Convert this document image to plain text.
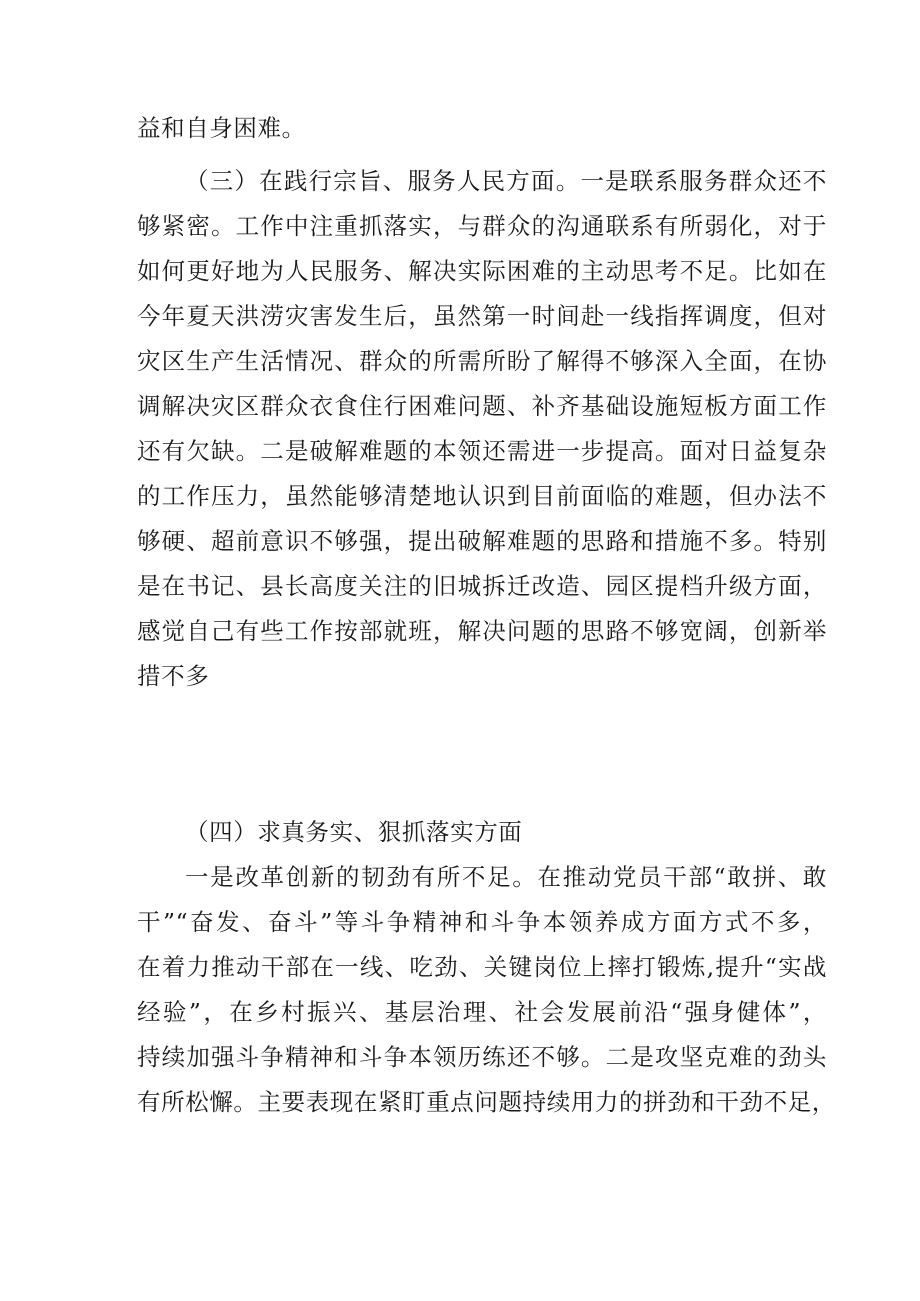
益和自身困难。
（三）在践行宗旨、服务人民方面。一是联系服务群众还不
够紧密。工作中注重抓落实，与群众的沟通联系有所弱化，对于
如何更好地为人民服务、解决实际困难的主动思考不足。比如在
今年夏天洪涝灾害发生后，虽然第一时间赴一线指挥调度，但对
灾区生产生活情况、群众的所需所盼了解得不够深入全面，在协
调解决灾区群众衣食住行困难问题、补齐基础设施短板方面工作
还有欠缺。二是破解难题的本领还需进一步提高。面对日益复杂
的工作压力，虽然能够清楚地认识到目前面临的难题，但办法不
够硬、超前意识不够强，提出破解难题的思路和措施不多。特别
是在书记、县长高度关注的旧城拆迁改造、园区提档升级方面，
感觉自己有些工作按部就班，解决问题的思路不够宽阔，创新举
措不多
（四）求真务实、狠抓落实方面
一是改革创新的韧劲有所不足。在推动党员干部“敢拼、敢
干”“奋发、奋斗”等斗争精神和斗争本领养成方面方式不多，
在着力推动干部在一线、吃劲、关键岗位上摔打锻炼,提升“实战
经验”，在乡村振兴、基层治理、社会发展前沿“强身健体”，
持续加强斗争精神和斗争本领历练还不够。二是攻坚克难的劲头
有所松懈。主要表现在紧盯重点问题持续用力的拼劲和干劲不足，
